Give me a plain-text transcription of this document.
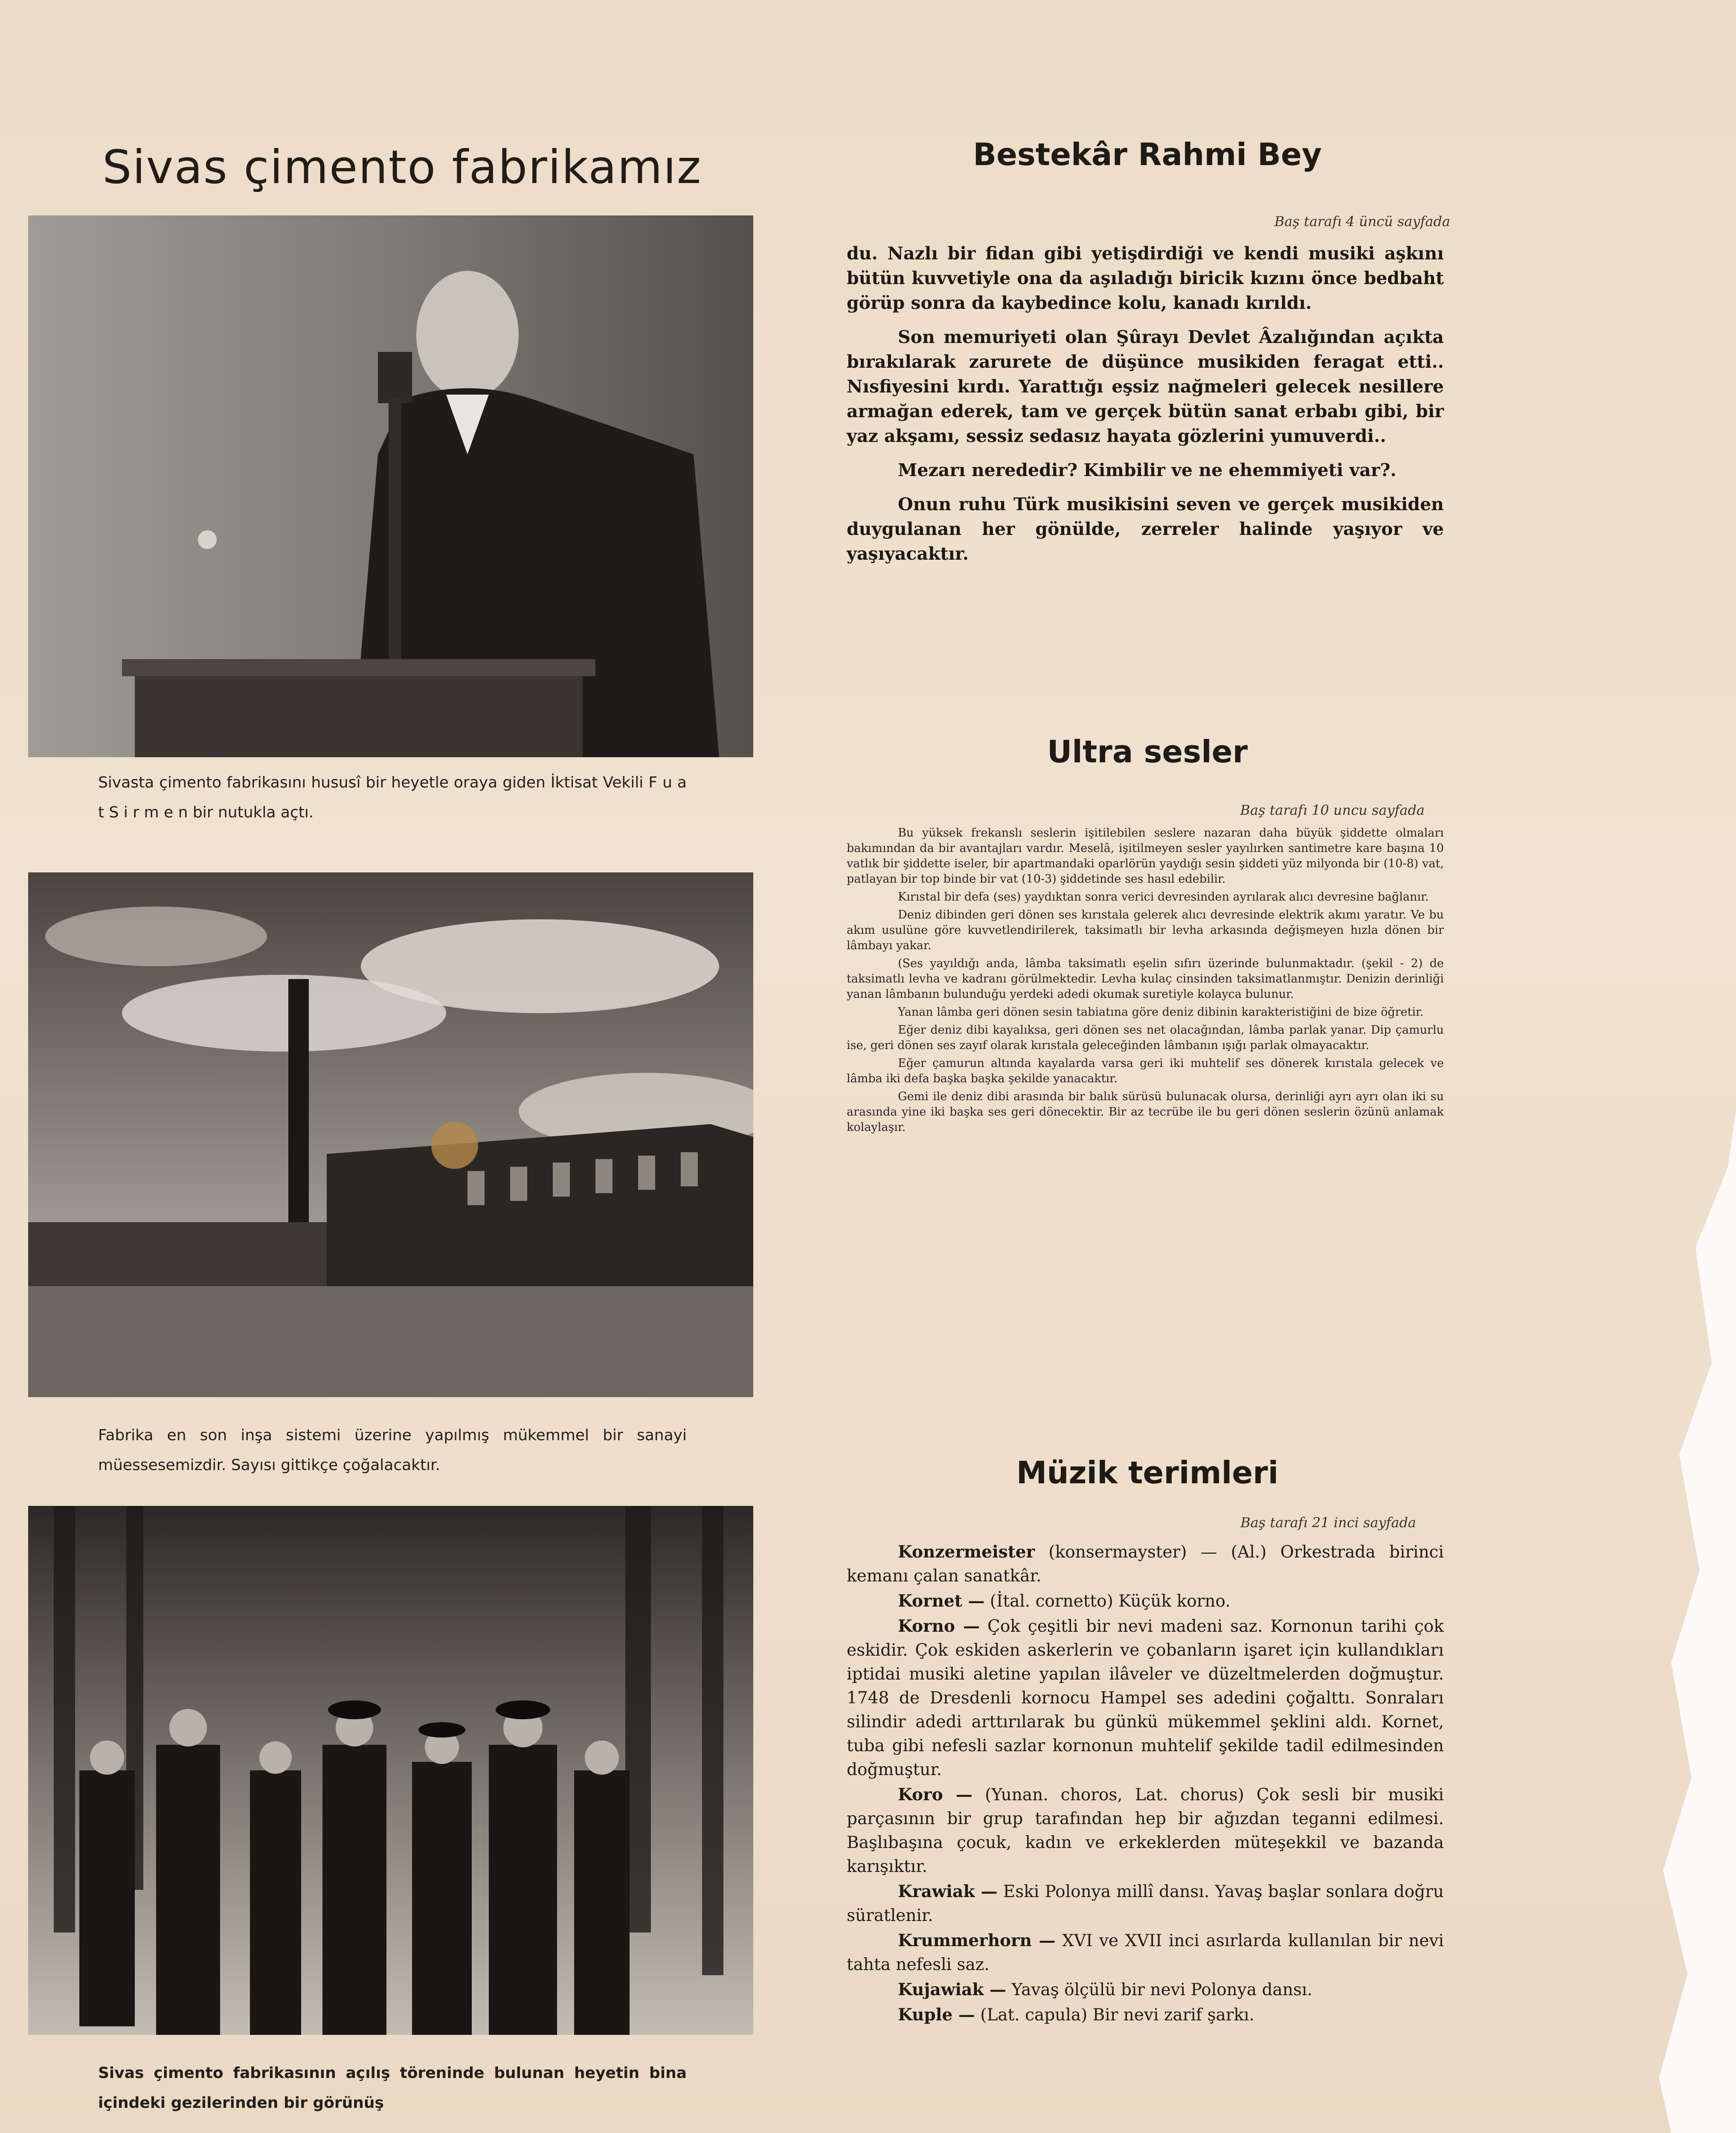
Sivas çimento fabrikamız
Sivasta çimento fabrikasını hususî bir heyetle oraya giden İktisat Vekili F u a t S i r m e n bir nutukla açtı.
Fabrika en son inşa sistemi üzerine yapılmış mükemmel bir sanayi müessesemizdir. Sayısı gittikçe çoğalacaktır.
Sivas çimento fabrikasının açılış töreninde bulunan heyetin bina içindeki gezilerinden bir görünüş
Bestekâr Rahmi Bey
Baş tarafı 4 üncü sayfada

du. Nazlı bir fidan gibi yetişdirdiği ve kendi musiki aşkını bütün kuvvetiyle ona da aşıladığı biricik kızını önce bedbaht görüp sonra da kaybedince kolu, kanadı kırıldı.

Son memuriyeti olan Şûrayı Devlet Âzalığından açıkta bırakılarak zarurete de düşünce musikiden feragat etti.. Nısfiyesini kırdı. Yarattığı eşsiz nağmeleri gelecek nesillere armağan ederek, tam ve gerçek bütün sanat erbabı gibi, bir yaz akşamı, sessiz sedasız hayata gözlerini yumuverdi..

Mezarı nerededir? Kimbilir ve ne ehemmiyeti var?.

Onun ruhu Türk musikisini seven ve gerçek musikiden duygulanan her gönülde, zerreler halinde yaşıyor ve yaşıyacaktır.

Ultra sesler
Baş tarafı 10 uncu sayfada

Bu yüksek frekanslı seslerin işitilebilen seslere nazaran daha büyük şiddette olmaları bakımından da bir avantajları vardır. Meselâ, işitilmeyen sesler yayılırken santimetre kare başına 10 vatlık bir şiddette iseler, bir apartmandaki oparlörün yaydığı sesin şiddeti yüz milyonda bir (10-8) vat, patlayan bir top binde bir vat (10-3) şiddetinde ses hasıl edebilir.

Kırıstal bir defa (ses) yaydıktan sonra verici devresinden ayrılarak alıcı devresine bağlanır.

Deniz dibinden geri dönen ses kırıstala gelerek alıcı devresinde elektrik akımı yaratır. Ve bu akım usulüne göre kuvvetlendirilerek, taksimatlı bir levha arkasında değişmeyen hızla dönen bir lâmbayı yakar.

(Ses yayıldığı anda, lâmba taksimatlı eşelin sıfırı üzerinde bulunmaktadır. (şekil - 2) de taksimatlı levha ve kadranı görülmektedir. Levha kulaç cinsinden taksimatlanmıştır. Denizin derinliği yanan lâmbanın bulunduğu yerdeki adedi okumak suretiyle kolayca bulunur.

Yanan lâmba geri dönen sesin tabiatına göre deniz dibinin karakteristiğini de bize öğretir.

Eğer deniz dibi kayalıksa, geri dönen ses net olacağından, lâmba parlak yanar. Dip çamurlu ise, geri dönen ses zayıf olarak kırıstala geleceğinden lâmbanın ışığı parlak olmayacaktır.

Eğer çamurun altında kayalarda varsa geri iki muhtelif ses dönerek kırıstala gelecek ve lâmba iki defa başka başka şekilde yanacaktır.

Gemi ile deniz dibi arasında bir balık sürüsü bulunacak olursa, derinliği ayrı ayrı olan iki su arasında yine iki başka ses geri dönecektir. Bir az tecrübe ile bu geri dönen seslerin özünü anlamak kolaylaşır.

Müzik terimleri
Baş tarafı 21 inci sayfada

Konzermeister (konsermayster) — (Al.) Orkestrada birinci kemanı çalan sanatkâr.

Kornet — (İtal. cornetto) Küçük korno.

Korno — Çok çeşitli bir nevi madeni saz. Kornonun tarihi çok eskidir. Çok eskiden askerlerin ve çobanların işaret için kullandıkları iptidai musiki aletine yapılan ilâveler ve düzeltmelerden doğmuştur. 1748 de Dresdenli kornocu Hampel ses adedini çoğalttı. Sonraları silindir adedi arttırılarak bu günkü mükemmel şeklini aldı. Kornet, tuba gibi nefesli sazlar kornonun muhtelif şekilde tadil edilmesinden doğmuştur.

Koro — (Yunan. choros, Lat. chorus) Çok sesli bir musiki parçasının bir grup tarafından hep bir ağızdan teganni edilmesi. Başlıbaşına çocuk, kadın ve erkeklerden müteşekkil ve bazanda karışıktır.

Krawiak — Eski Polonya millî dansı. Yavaş başlar sonlara doğru süratlenir.

Krummerhorn — XVI ve XVII inci asırlarda kullanılan bir nevi tahta nefesli saz.

Kujawiak — Yavaş ölçülü bir nevi Polonya dansı.

Kuple — (Lat. capula) Bir nevi zarif şarkı.
